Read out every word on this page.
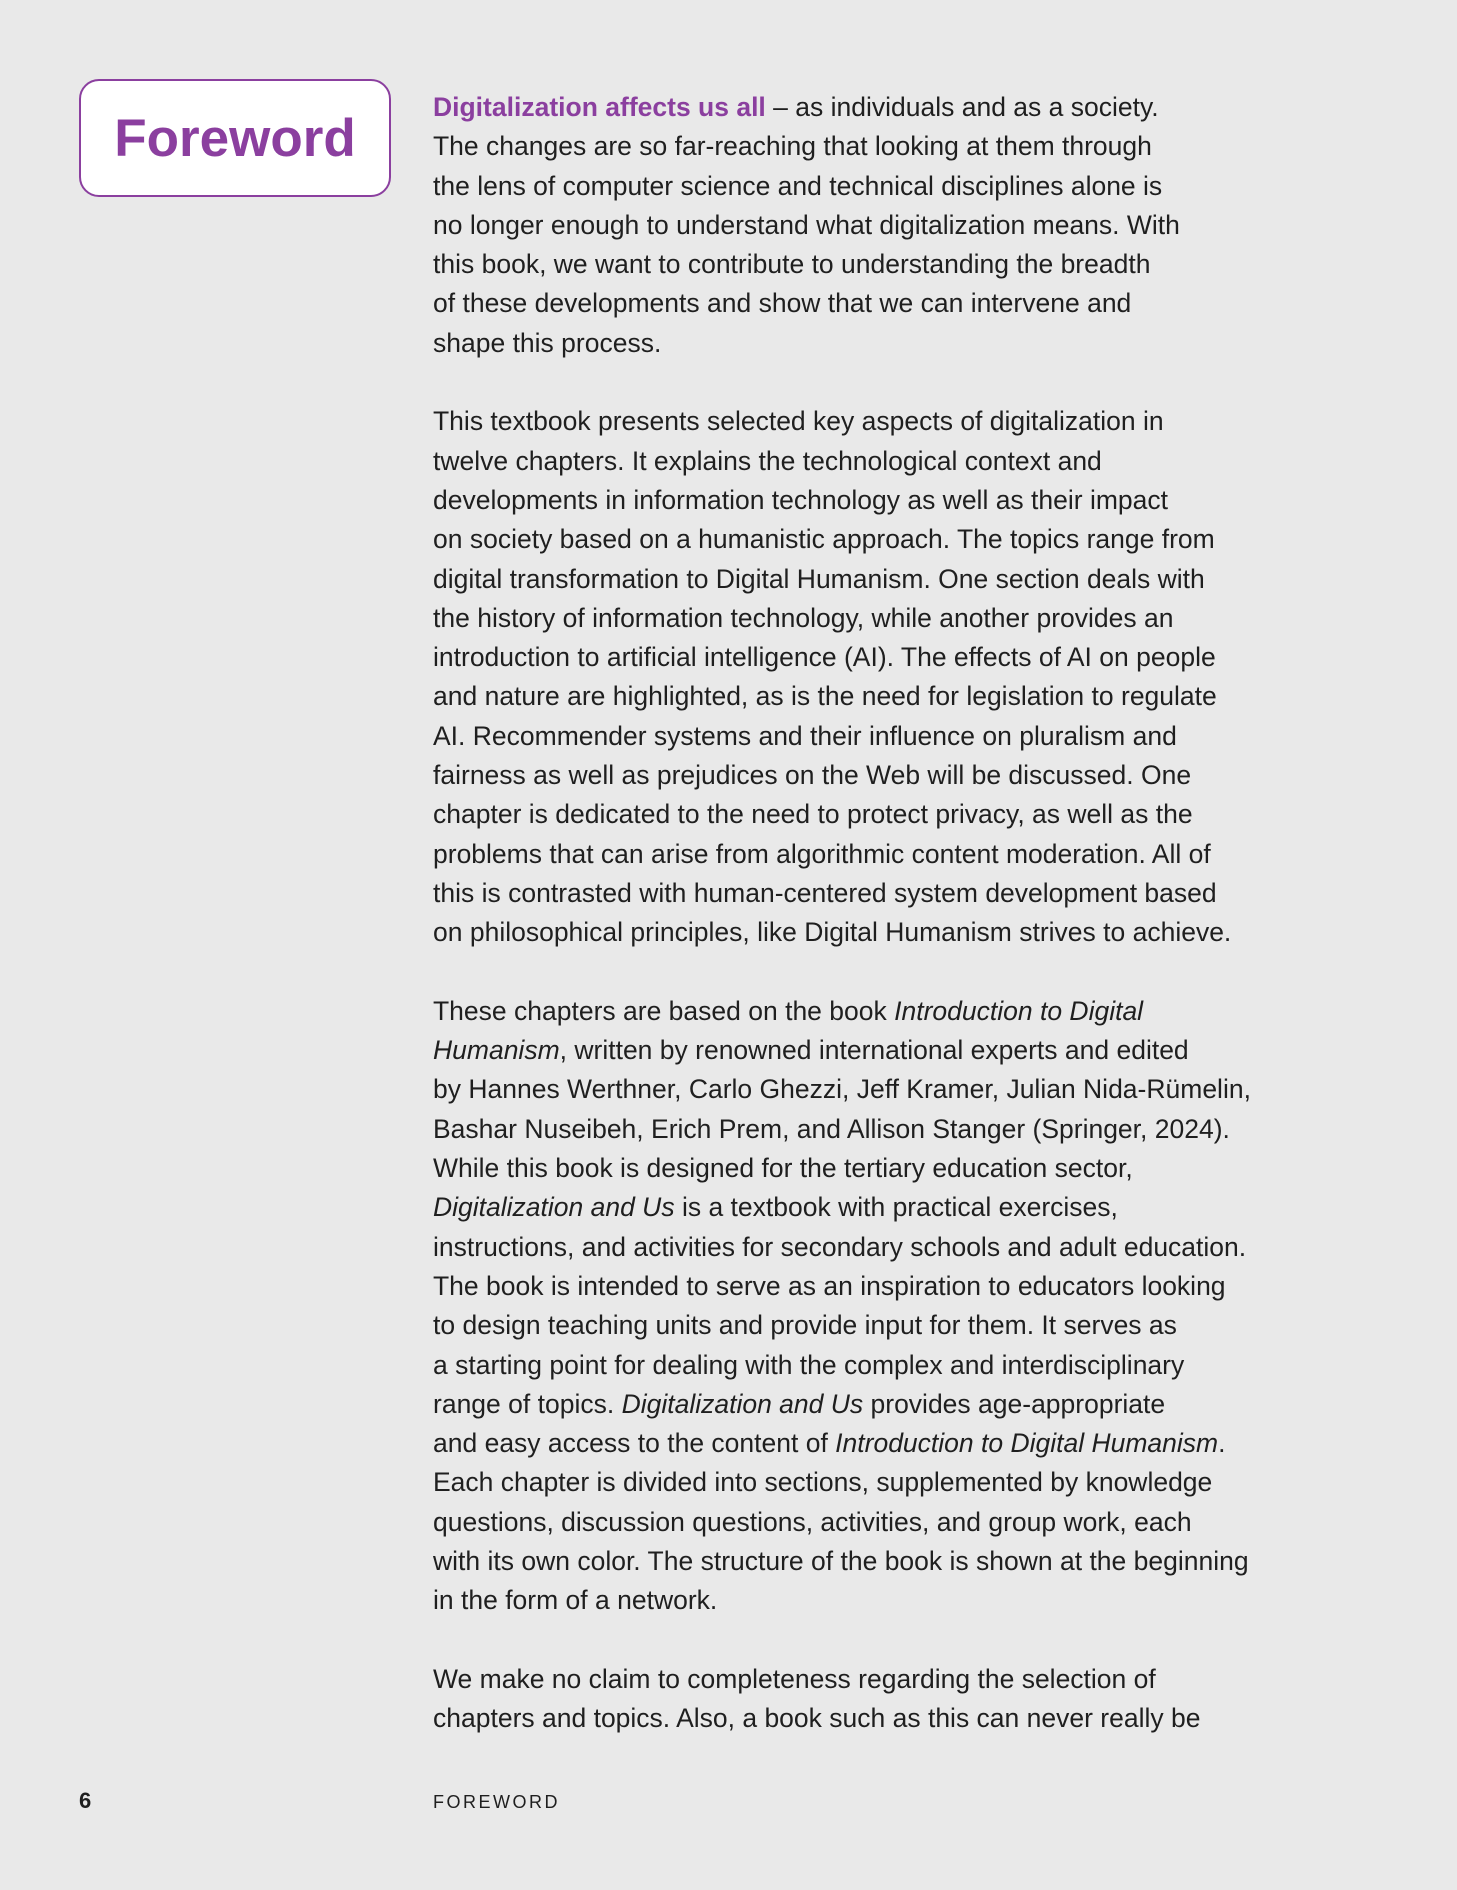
Foreword

Digitalization affects us all – as individuals and as a society.
The changes are so far-reaching that looking at them through
the lens of computer science and technical disciplines alone is
no longer enough to understand what digitalization means. With
this book, we want to contribute to understanding the breadth
of these developments and show that we can intervene and
shape this process.

This textbook presents selected key aspects of digitalization in
twelve chapters. It explains the technological context and
developments in information technology as well as their impact
on society based on a humanistic approach. The topics range from
digital transformation to Digital Humanism. One section deals with
the history of information technology, while another provides an
introduction to artificial intelligence (AI). The effects of AI on people
and nature are highlighted, as is the need for legislation to regulate
AI. Recommender systems and their influence on pluralism and
fairness as well as prejudices on the Web will be discussed. One
chapter is dedicated to the need to protect privacy, as well as the
problems that can arise from algorithmic content moderation. All of
this is contrasted with human-centered system development based
on philosophical principles, like Digital Humanism strives to achieve.

These chapters are based on the book Introduction to Digital
Humanism, written by renowned international experts and edited
by Hannes Werthner, Carlo Ghezzi, Jeff Kramer, Julian Nida-Rümelin,
Bashar Nuseibeh, Erich Prem, and Allison Stanger (Springer, 2024).
While this book is designed for the tertiary education sector,
Digitalization and Us is a textbook with practical exercises,
instructions, and activities for secondary schools and adult education.
The book is intended to serve as an inspiration to educators looking
to design teaching units and provide input for them. It serves as
a starting point for dealing with the complex and interdisciplinary
range of topics. Digitalization and Us provides age-appropriate
and easy access to the content of Introduction to Digital Humanism.
Each chapter is divided into sections, supplemented by knowledge
questions, discussion questions, activities, and group work, each
with its own color. The structure of the book is shown at the beginning
in the form of a network.

We make no claim to completeness regarding the selection of
chapters and topics. Also, a book such as this can never really be

6	FOREWORD
